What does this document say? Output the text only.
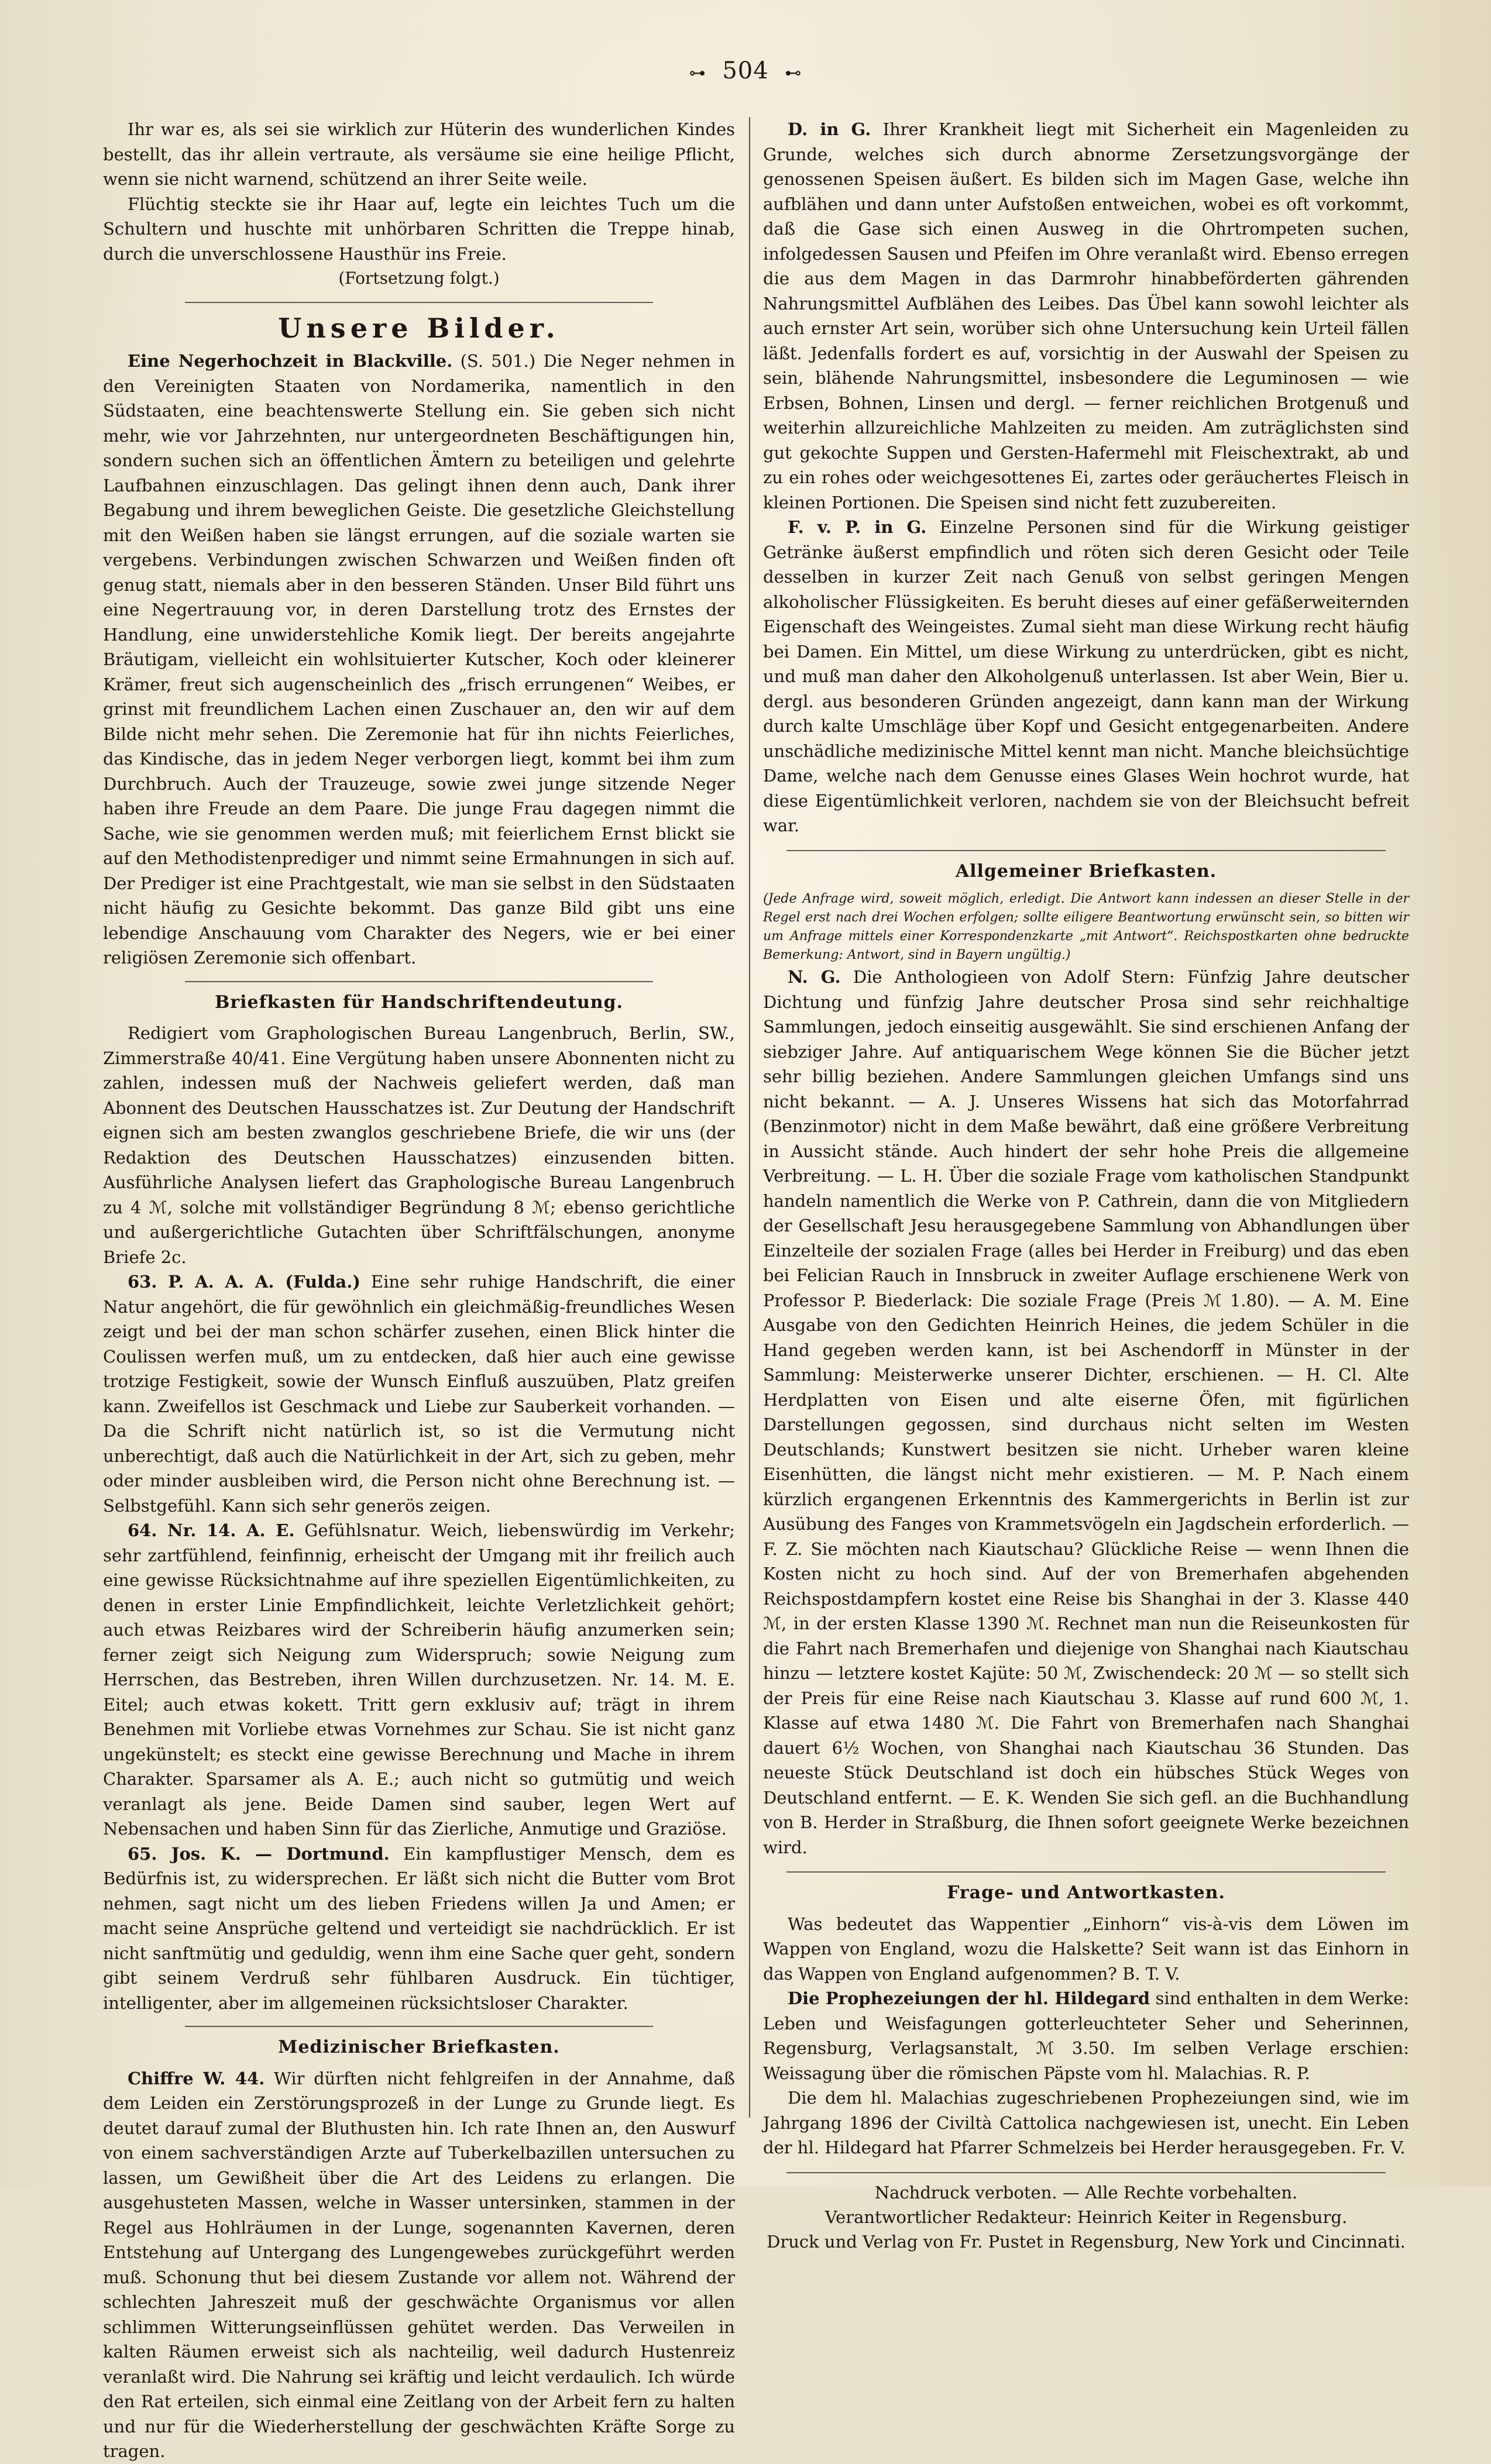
⊶ 504 ⊷

Ihr war es, als sei sie wirklich zur Hüterin des wunderlichen Kindes bestellt, das ihr allein vertraute, als versäume sie eine heilige Pflicht, wenn sie nicht warnend, schützend an ihrer Seite weile.

Flüchtig steckte sie ihr Haar auf, legte ein leichtes Tuch um die Schultern und huschte mit unhörbaren Schritten die Treppe hinab, durch die unverschlossene Hausthür ins Freie.

(Fortsetzung folgt.)

Unsere Bilder.

Eine Negerhochzeit in Blackville. (S. 501.) Die Neger nehmen in den Vereinigten Staaten von Nordamerika, namentlich in den Südstaaten, eine beachtenswerte Stellung ein. Sie geben sich nicht mehr, wie vor Jahrzehnten, nur untergeordneten Beschäftigungen hin, sondern suchen sich an öffentlichen Ämtern zu beteiligen und gelehrte Laufbahnen einzuschlagen. Das gelingt ihnen denn auch, Dank ihrer Begabung und ihrem beweglichen Geiste. Die gesetzliche Gleichstellung mit den Weißen haben sie längst errungen, auf die soziale warten sie vergebens. Verbindungen zwischen Schwarzen und Weißen finden oft genug statt, niemals aber in den besseren Ständen. Unser Bild führt uns eine Negertrauung vor, in deren Darstellung trotz des Ernstes der Handlung, eine unwiderstehliche Komik liegt. Der bereits angejahrte Bräutigam, vielleicht ein wohlsituierter Kutscher, Koch oder kleinerer Krämer, freut sich augenscheinlich des „frisch errungenen“ Weibes, er grinst mit freundlichem Lachen einen Zuschauer an, den wir auf dem Bilde nicht mehr sehen. Die Zeremonie hat für ihn nichts Feierliches, das Kindische, das in jedem Neger verborgen liegt, kommt bei ihm zum Durchbruch. Auch der Trauzeuge, sowie zwei junge sitzende Neger haben ihre Freude an dem Paare. Die junge Frau dagegen nimmt die Sache, wie sie genommen werden muß; mit feierlichem Ernst blickt sie auf den Methodistenprediger und nimmt seine Ermahnungen in sich auf. Der Prediger ist eine Prachtgestalt, wie man sie selbst in den Südstaaten nicht häufig zu Gesichte bekommt. Das ganze Bild gibt uns eine lebendige Anschauung vom Charakter des Negers, wie er bei einer religiösen Zeremonie sich offenbart.

Briefkasten für Handschriftendeutung.

Redigiert vom Graphologischen Bureau Langenbruch, Berlin, SW., Zimmerstraße 40/41. Eine Vergütung haben unsere Abonnenten nicht zu zahlen, indessen muß der Nachweis geliefert werden, daß man Abonnent des Deutschen Hausschatzes ist. Zur Deutung der Handschrift eignen sich am besten zwanglos geschriebene Briefe, die wir uns (der Redaktion des Deutschen Hausschatzes) einzusenden bitten. Ausführliche Analysen liefert das Graphologische Bureau Langenbruch zu 4 ℳ, solche mit vollständiger Begründung 8 ℳ; ebenso gerichtliche und außergerichtliche Gutachten über Schriftfälschungen, anonyme Briefe 2c.

63. P. A. A. A. (Fulda.) Eine sehr ruhige Handschrift, die einer Natur angehört, die für gewöhnlich ein gleichmäßig-freundliches Wesen zeigt und bei der man schon schärfer zusehen, einen Blick hinter die Coulissen werfen muß, um zu entdecken, daß hier auch eine gewisse trotzige Festigkeit, sowie der Wunsch Einfluß auszuüben, Platz greifen kann. Zweifellos ist Geschmack und Liebe zur Sauberkeit vorhanden. — Da die Schrift nicht natürlich ist, so ist die Vermutung nicht unberechtigt, daß auch die Natürlichkeit in der Art, sich zu geben, mehr oder minder ausbleiben wird, die Person nicht ohne Berechnung ist. — Selbstgefühl. Kann sich sehr generös zeigen.

64. Nr. 14. A. E. Gefühlsnatur. Weich, liebenswürdig im Verkehr; sehr zartfühlend, feinfinnig, erheischt der Umgang mit ihr freilich auch eine gewisse Rücksichtnahme auf ihre speziellen Eigentümlichkeiten, zu denen in erster Linie Empfindlichkeit, leichte Verletzlichkeit gehört; auch etwas Reizbares wird der Schreiberin häufig anzumerken sein; ferner zeigt sich Neigung zum Widerspruch; sowie Neigung zum Herrschen, das Bestreben, ihren Willen durchzusetzen. Nr. 14. M. E. Eitel; auch etwas kokett. Tritt gern exklusiv auf; trägt in ihrem Benehmen mit Vorliebe etwas Vornehmes zur Schau. Sie ist nicht ganz ungekünstelt; es steckt eine gewisse Berechnung und Mache in ihrem Charakter. Sparsamer als A. E.; auch nicht so gutmütig und weich veranlagt als jene. Beide Damen sind sauber, legen Wert auf Nebensachen und haben Sinn für das Zierliche, Anmutige und Graziöse.

65. Jos. K. — Dortmund. Ein kampflustiger Mensch, dem es Bedürfnis ist, zu widersprechen. Er läßt sich nicht die Butter vom Brot nehmen, sagt nicht um des lieben Friedens willen Ja und Amen; er macht seine Ansprüche geltend und verteidigt sie nachdrücklich. Er ist nicht sanftmütig und geduldig, wenn ihm eine Sache quer geht, sondern gibt seinem Verdruß sehr fühlbaren Ausdruck. Ein tüchtiger, intelligenter, aber im allgemeinen rücksichtsloser Charakter.

Medizinischer Briefkasten.

Chiffre W. 44. Wir dürften nicht fehlgreifen in der Annahme, daß dem Leiden ein Zerstörungsprozeß in der Lunge zu Grunde liegt. Es deutet darauf zumal der Bluthusten hin. Ich rate Ihnen an, den Auswurf von einem sachverständigen Arzte auf Tuberkelbazillen untersuchen zu lassen, um Gewißheit über die Art des Leidens zu erlangen. Die ausgehusteten Massen, welche in Wasser untersinken, stammen in der Regel aus Hohlräumen in der Lunge, sogenannten Kavernen, deren Entstehung auf Untergang des Lungengewebes zurückgeführt werden muß. Schonung thut bei diesem Zustande vor allem not. Während der schlechten Jahreszeit muß der geschwächte Organismus vor allen schlimmen Witterungseinflüssen gehütet werden. Das Verweilen in kalten Räumen erweist sich als nachteilig, weil dadurch Hustenreiz veranlaßt wird. Die Nahrung sei kräftig und leicht verdaulich. Ich würde den Rat erteilen, sich einmal eine Zeitlang von der Arbeit fern zu halten und nur für die Wiederherstellung der geschwächten Kräfte Sorge zu tragen.

D. in G. Ihrer Krankheit liegt mit Sicherheit ein Magenleiden zu Grunde, welches sich durch abnorme Zersetzungsvorgänge der genossenen Speisen äußert. Es bilden sich im Magen Gase, welche ihn aufblähen und dann unter Aufstoßen entweichen, wobei es oft vorkommt, daß die Gase sich einen Ausweg in die Ohrtrompeten suchen, infolgedessen Sausen und Pfeifen im Ohre veranlaßt wird. Ebenso erregen die aus dem Magen in das Darmrohr hinabbeförderten gährenden Nahrungsmittel Aufblähen des Leibes. Das Übel kann sowohl leichter als auch ernster Art sein, worüber sich ohne Untersuchung kein Urteil fällen läßt. Jedenfalls fordert es auf, vorsichtig in der Auswahl der Speisen zu sein, blähende Nahrungsmittel, insbesondere die Leguminosen — wie Erbsen, Bohnen, Linsen und dergl. — ferner reichlichen Brotgenuß und weiterhin allzureichliche Mahlzeiten zu meiden. Am zuträglichsten sind gut gekochte Suppen und Gersten-Hafermehl mit Fleischextrakt, ab und zu ein rohes oder weichgesottenes Ei, zartes oder geräuchertes Fleisch in kleinen Portionen. Die Speisen sind nicht fett zuzubereiten.

F. v. P. in G. Einzelne Personen sind für die Wirkung geistiger Getränke äußerst empfindlich und röten sich deren Gesicht oder Teile desselben in kurzer Zeit nach Genuß von selbst geringen Mengen alkoholischer Flüssigkeiten. Es beruht dieses auf einer gefäßerweiternden Eigenschaft des Weingeistes. Zumal sieht man diese Wirkung recht häufig bei Damen. Ein Mittel, um diese Wirkung zu unterdrücken, gibt es nicht, und muß man daher den Alkoholgenuß unterlassen. Ist aber Wein, Bier u. dergl. aus besonderen Gründen angezeigt, dann kann man der Wirkung durch kalte Umschläge über Kopf und Gesicht entgegenarbeiten. Andere unschädliche medizinische Mittel kennt man nicht. Manche bleichsüchtige Dame, welche nach dem Genusse eines Glases Wein hochrot wurde, hat diese Eigentümlichkeit verloren, nachdem sie von der Bleichsucht befreit war.

Allgemeiner Briefkasten.

(Jede Anfrage wird, soweit möglich, erledigt. Die Antwort kann indessen an dieser Stelle in der Regel erst nach drei Wochen erfolgen; sollte eiligere Beantwortung erwünscht sein, so bitten wir um Anfrage mittels einer Korrespondenzkarte „mit Antwort“. Reichspostkarten ohne bedruckte Bemerkung: Antwort, sind in Bayern ungültig.)

N. G. Die Anthologieen von Adolf Stern: Fünfzig Jahre deutscher Dichtung und fünfzig Jahre deutscher Prosa sind sehr reichhaltige Sammlungen, jedoch einseitig ausgewählt. Sie sind erschienen Anfang der siebziger Jahre. Auf antiquarischem Wege können Sie die Bücher jetzt sehr billig beziehen. Andere Sammlungen gleichen Umfangs sind uns nicht bekannt. — A. J. Unseres Wissens hat sich das Motorfahrrad (Benzinmotor) nicht in dem Maße bewährt, daß eine größere Verbreitung in Aussicht stände. Auch hindert der sehr hohe Preis die allgemeine Verbreitung. — L. H. Über die soziale Frage vom katholischen Standpunkt handeln namentlich die Werke von P. Cathrein, dann die von Mitgliedern der Gesellschaft Jesu herausgegebene Sammlung von Abhandlungen über Einzelteile der sozialen Frage (alles bei Herder in Freiburg) und das eben bei Felician Rauch in Innsbruck in zweiter Auflage erschienene Werk von Professor P. Biederlack: Die soziale Frage (Preis ℳ 1.80). — A. M. Eine Ausgabe von den Gedichten Heinrich Heines, die jedem Schüler in die Hand gegeben werden kann, ist bei Aschendorff in Münster in der Sammlung: Meisterwerke unserer Dichter, erschienen. — H. Cl. Alte Herdplatten von Eisen und alte eiserne Öfen, mit figürlichen Darstellungen gegossen, sind durchaus nicht selten im Westen Deutschlands; Kunstwert besitzen sie nicht. Urheber waren kleine Eisenhütten, die längst nicht mehr existieren. — M. P. Nach einem kürzlich ergangenen Erkenntnis des Kammergerichts in Berlin ist zur Ausübung des Fanges von Krammetsvögeln ein Jagdschein erforderlich. — F. Z. Sie möchten nach Kiautschau? Glückliche Reise — wenn Ihnen die Kosten nicht zu hoch sind. Auf der von Bremerhafen abgehenden Reichspostdampfern kostet eine Reise bis Shanghai in der 3. Klasse 440 ℳ, in der ersten Klasse 1390 ℳ. Rechnet man nun die Reiseunkosten für die Fahrt nach Bremerhafen und diejenige von Shanghai nach Kiautschau hinzu — letztere kostet Kajüte: 50 ℳ, Zwischendeck: 20 ℳ — so stellt sich der Preis für eine Reise nach Kiautschau 3. Klasse auf rund 600 ℳ, 1. Klasse auf etwa 1480 ℳ. Die Fahrt von Bremerhafen nach Shanghai dauert 6½ Wochen, von Shanghai nach Kiautschau 36 Stunden. Das neueste Stück Deutschland ist doch ein hübsches Stück Weges von Deutschland entfernt. — E. K. Wenden Sie sich gefl. an die Buchhandlung von B. Herder in Straßburg, die Ihnen sofort geeignete Werke bezeichnen wird.

Frage- und Antwortkasten.

Was bedeutet das Wappentier „Einhorn“ vis-à-vis dem Löwen im Wappen von England, wozu die Halskette? Seit wann ist das Einhorn in das Wappen von England aufgenommen? B. T. V.

Die Prophezeiungen der hl. Hildegard sind enthalten in dem Werke: Leben und Weisfagungen gotterleuchteter Seher und Seherinnen, Regensburg, Verlagsanstalt, ℳ 3.50. Im selben Verlage erschien: Weissagung über die römischen Päpste vom hl. Malachias. R. P.

Die dem hl. Malachias zugeschriebenen Prophezeiungen sind, wie im Jahrgang 1896 der Civiltà Cattolica nachgewiesen ist, unecht. Ein Leben der hl. Hildegard hat Pfarrer Schmelzeis bei Herder herausgegeben. Fr. V.

Nachdruck verboten. — Alle Rechte vorbehalten.

Verantwortlicher Redakteur: Heinrich Keiter in Regensburg.

Druck und Verlag von Fr. Pustet in Regensburg, New York und Cincinnati.
